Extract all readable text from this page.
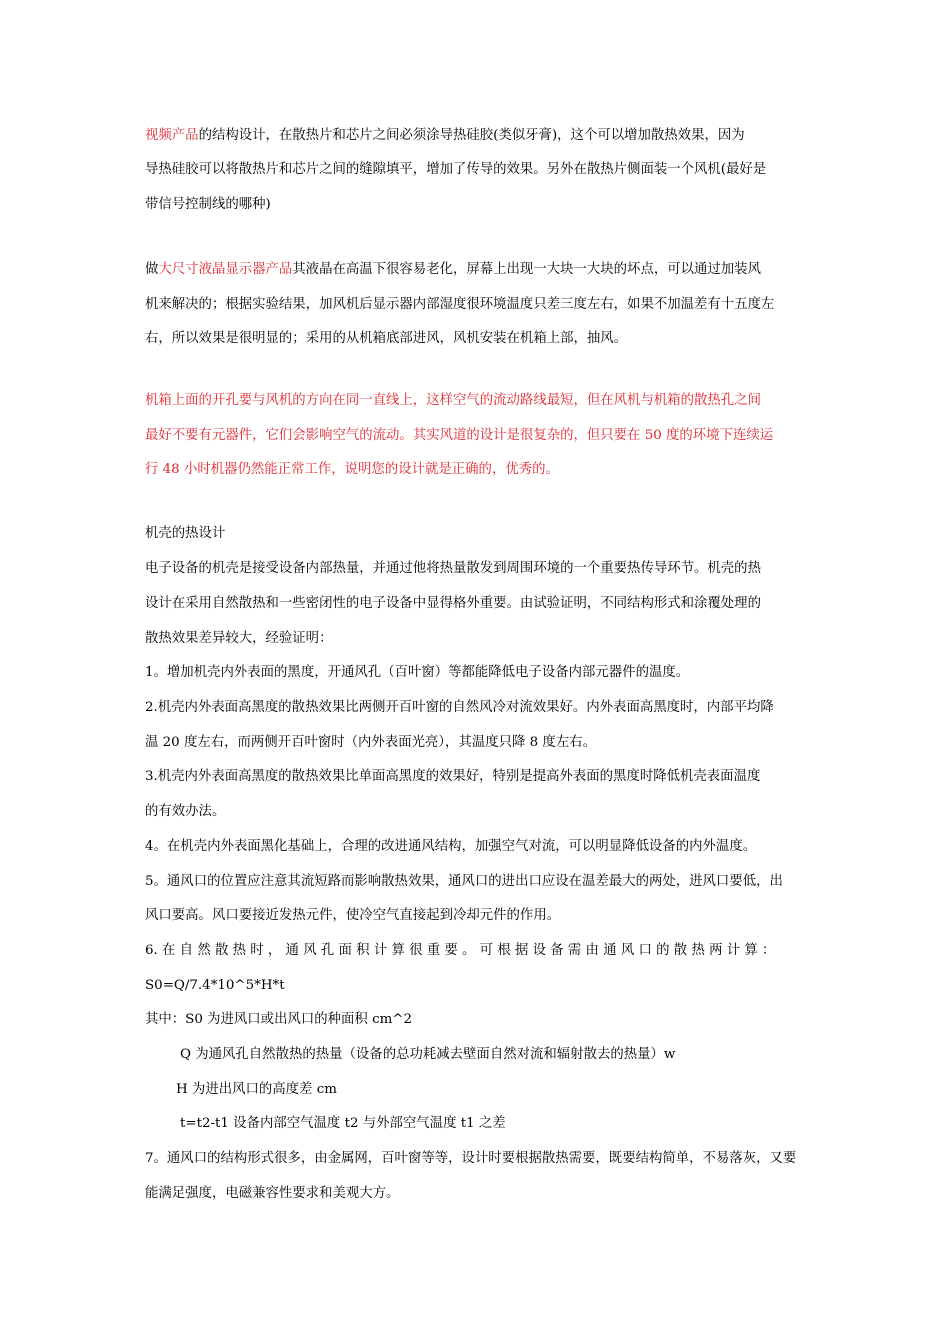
视频产品的结构设计，在散热片和芯片之间必须涂导热硅胶(类似牙膏)，这个可以增加散热效果，因为
导热硅胶可以将散热片和芯片之间的缝隙填平，增加了传导的效果。另外在散热片侧面装一个风机(最好是
带信号控制线的哪种)
做大尺寸液晶显示器产品其液晶在高温下很容易老化，屏幕上出现一大块一大块的坏点，可以通过加装风
机来解决的；根据实验结果，加风机后显示器内部湿度很环境温度只差三度左右，如果不加温差有十五度左
右，所以效果是很明显的；采用的从机箱底部进风，风机安装在机箱上部，抽风。
机箱上面的开孔要与风机的方向在同一直线上，这样空气的流动路线最短，但在风机与机箱的散热孔之间
最好不要有元器件，它们会影响空气的流动。其实风道的设计是很复杂的，但只要在 50 度的环境下连续运
行 48 小时机器仍然能正常工作，说明您的设计就是正确的，优秀的。
机壳的热设计
电子设备的机壳是接受设备内部热量，并通过他将热量散发到周围环境的一个重要热传导环节。机壳的热
设计在采用自然散热和一些密闭性的电子设备中显得格外重要。由试验证明，不同结构形式和涂覆处理的
散热效果差异较大，经验证明：
1。增加机壳内外表面的黑度，开通风孔（百叶窗）等都能降低电子设备内部元器件的温度。
2.机壳内外表面高黑度的散热效果比两侧开百叶窗的自然风冷对流效果好。内外表面高黑度时，内部平均降
温 20 度左右，而两侧开百叶窗时（内外表面光亮），其温度只降 8 度左右。
3.机壳内外表面高黑度的散热效果比单面高黑度的效果好，特别是提高外表面的黑度时降低机壳表面温度
的有效办法。
4。在机壳内外表面黑化基础上，合理的改进通风结构，加强空气对流，可以明显降低设备的内外温度。
5。通风口的位置应注意其流短路而影响散热效果，通风口的进出口应设在温差最大的两处，进风口要低，出
风口要高。风口要接近发热元件，使冷空气直接起到冷却元件的作用。
6. 在 自 然 散 热 时 ， 通 风 孔 面 积 计 算 很 重 要 。 可 根 据 设 备 需 由 通 风 口 的 散 热 两 计 算 ：
S0=Q/7.4*10^5*H*t
其中：S0 为进风口或出风口的种面积 cm^2
Q 为通风孔自然散热的热量（设备的总功耗减去壁面自然对流和辐射散去的热量）w
H 为进出风口的高度差 cm
t=t2-t1 设备内部空气温度 t2 与外部空气温度 t1 之差
7。通风口的结构形式很多，由金属网，百叶窗等等，设计时要根据散热需要，既要结构简单，不易落灰，又要
能满足强度，电磁兼容性要求和美观大方。
